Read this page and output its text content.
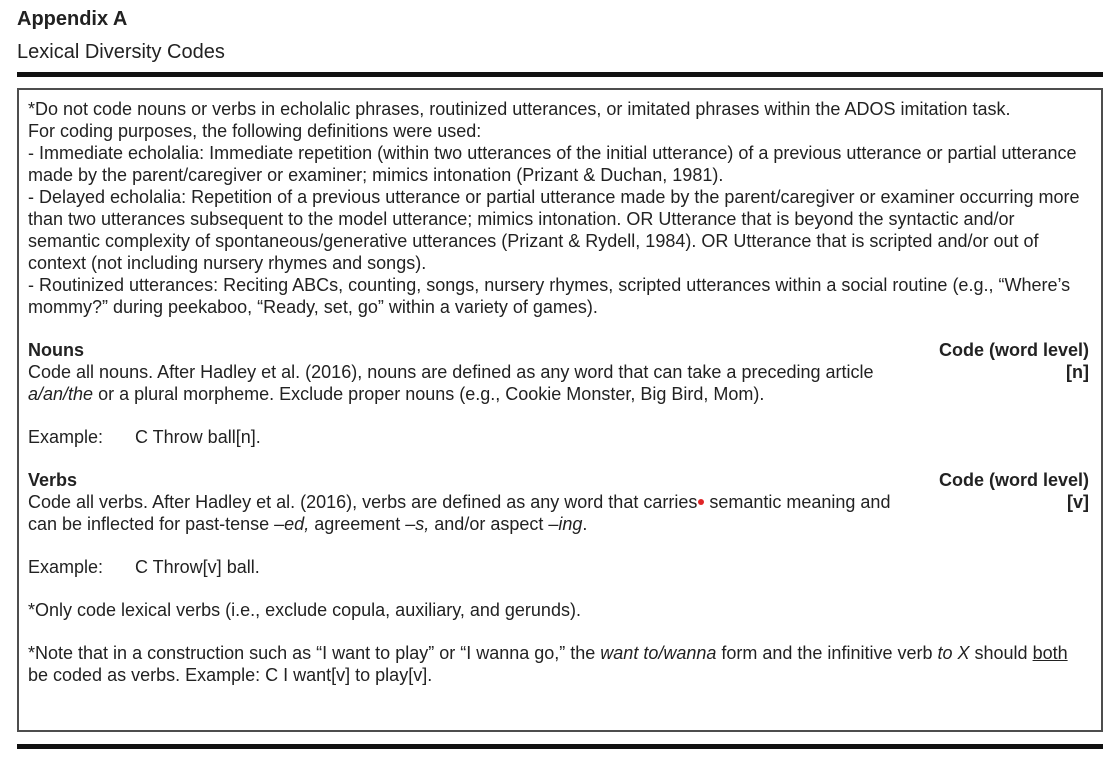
Appendix A

Lexical Diversity Codes

*Do not code nouns or verbs in echolalic phrases, routinized utterances, or imitated phrases within the ADOS imitation task.

For coding purposes, the following definitions were used:

- Immediate echolalia: Immediate repetition (within two utterances of the initial utterance) of a previous utterance or partial utterance made by the parent/caregiver or examiner; mimics intonation (Prizant & Duchan, 1981).

- Delayed echolalia: Repetition of a previous utterance or partial utterance made by the parent/caregiver or examiner occurring more than two utterances subsequent to the model utterance; mimics intonation. OR Utterance that is beyond the syntactic and/or semantic complexity of spontaneous/generative utterances (Prizant & Rydell, 1984). OR Utterance that is scripted and/or out of context (not including nursery rhymes and songs).

- Routinized utterances: Reciting ABCs, counting, songs, nursery rhymes, scripted utterances within a social routine (e.g., “Where’s mommy?” during peekaboo, “Ready, set, go” within a variety of games).

Nouns	Code (word level)

Code all nouns. After Hadley et al. (2016), nouns are defined as any word that can take a preceding article a/an/the or a plural morpheme. Exclude proper nouns (e.g., Cookie Monster, Big Bird, Mom).

[n]
Example:	C Throw ball[n].
Verbs	Code (word level)

Code all verbs. After Hadley et al. (2016), verbs are defined as any word that carries semantic meaning and can be inflected for past-tense –ed, agreement –s, and/or aspect –ing.

[v]
Example:	C Throw[v] ball.

*Only code lexical verbs (i.e., exclude copula, auxiliary, and gerunds).

*Note that in a construction such as “I want to play” or “I wanna go,” the want to/wanna form and the infinitive verb to X should both be coded as verbs. Example: C I want[v] to play[v].
